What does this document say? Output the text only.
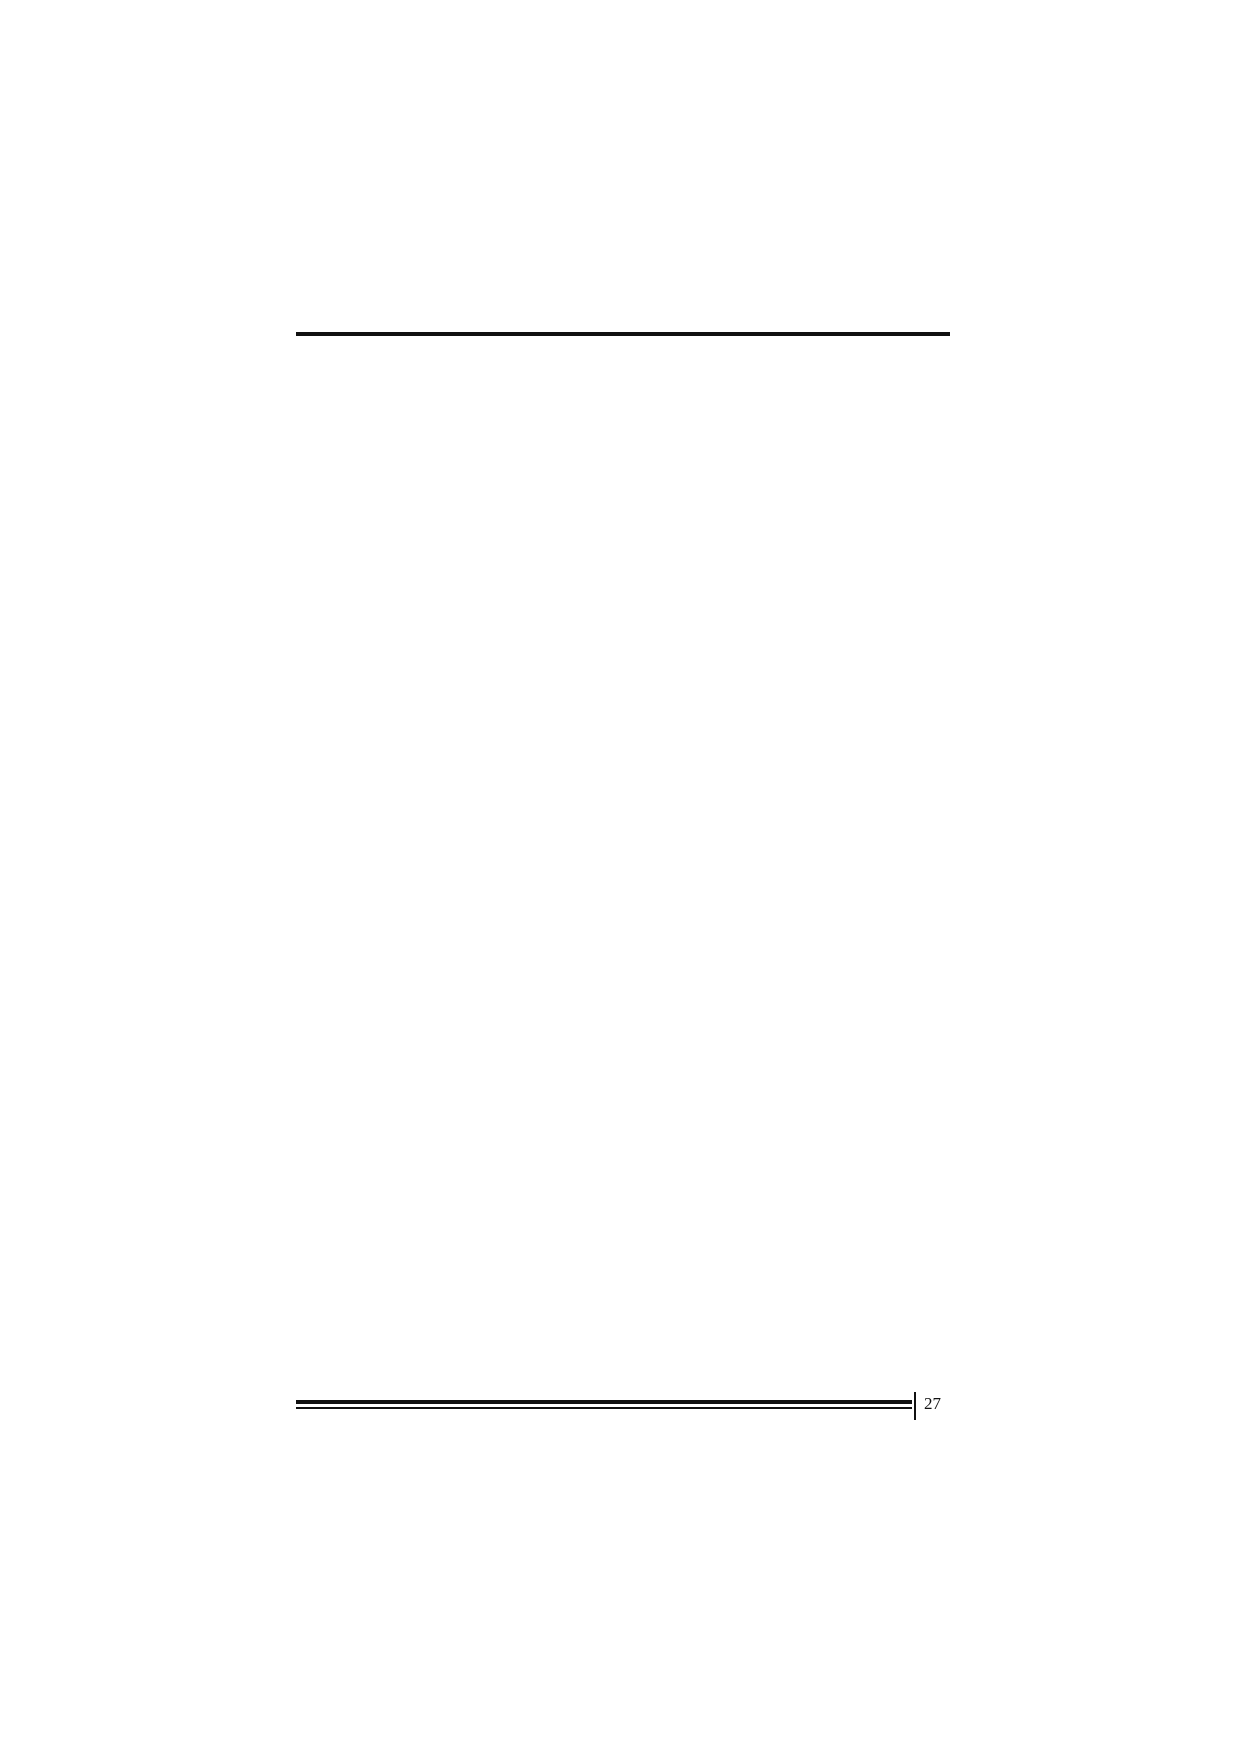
27
